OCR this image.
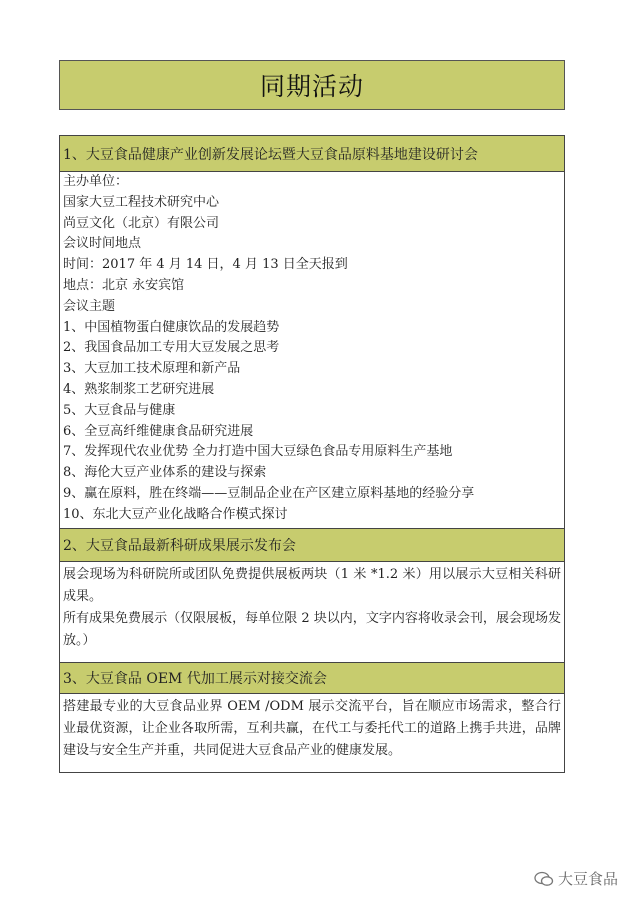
同期活动
1、大豆食品健康产业创新发展论坛暨大豆食品原料基地建设研讨会
主办单位：
国家大豆工程技术研究中心
尚豆文化（北京）有限公司
会议时间地点
时间：2017 年 4 月 14 日，4 月 13 日全天报到
地点：北京 永安宾馆
会议主题
1、中国植物蛋白健康饮品的发展趋势
2、我国食品加工专用大豆发展之思考
3、大豆加工技术原理和新产品
4、熟浆制浆工艺研究进展
5、大豆食品与健康
6、全豆高纤维健康食品研究进展
7、发挥现代农业优势 全力打造中国大豆绿色食品专用原料生产基地
8、海伦大豆产业体系的建设与探索
9、赢在原料，胜在终端——豆制品企业在产区建立原料基地的经验分享
10、东北大豆产业化战略合作模式探讨
2、大豆食品最新科研成果展示发布会
展会现场为科研院所或团队免费提供展板两块（1 米 *1.2 米）用以展示大豆相关科研成果。
所有成果免费展示（仅限展板，每单位限 2 块以内，文字内容将收录会刊，展会现场发放。）
3、大豆食品 OEM 代加工展示对接交流会
搭建最专业的大豆食品业界 OEM /ODM 展示交流平台，旨在顺应市场需求，整合行业最优资源，让企业各取所需，互利共赢，在代工与委托代工的道路上携手共进，品牌建设与安全生产并重，共同促进大豆食品产业的健康发展。
大豆食品
